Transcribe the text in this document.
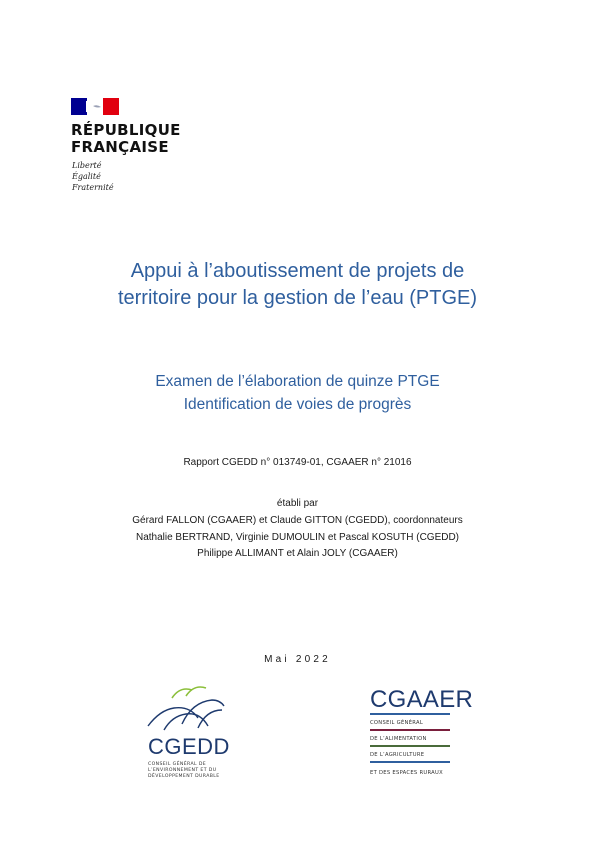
RÉPUBLIQUE
FRANÇAISE
Liberté
Égalité
Fraternité
Appui à l’aboutissement de projets de
territoire pour la gestion de l’eau (PTGE)
Examen de l’élaboration de quinze PTGE
Identification de voies de progrès
Rapport CGEDD n° 013749-01, CGAAER n° 21016
établi par
Gérard FALLON (CGAAER) et Claude GITTON (CGEDD), coordonnateurs
Nathalie BERTRAND, Virginie DUMOULIN et Pascal KOSUTH (CGEDD)
Philippe ALLIMANT et Alain JOLY (CGAAER)
Mai 2022
CGEDD
CONSEIL GÉNÉRAL DE
L’ENVIRONNEMENT ET DU
DÉVELOPPEMENT DURABLE
CGAAER
CONSEIL GÉNÉRAL
DE L’ALIMENTATION
DE L’AGRICULTURE
ET DES ESPACES RURAUX
